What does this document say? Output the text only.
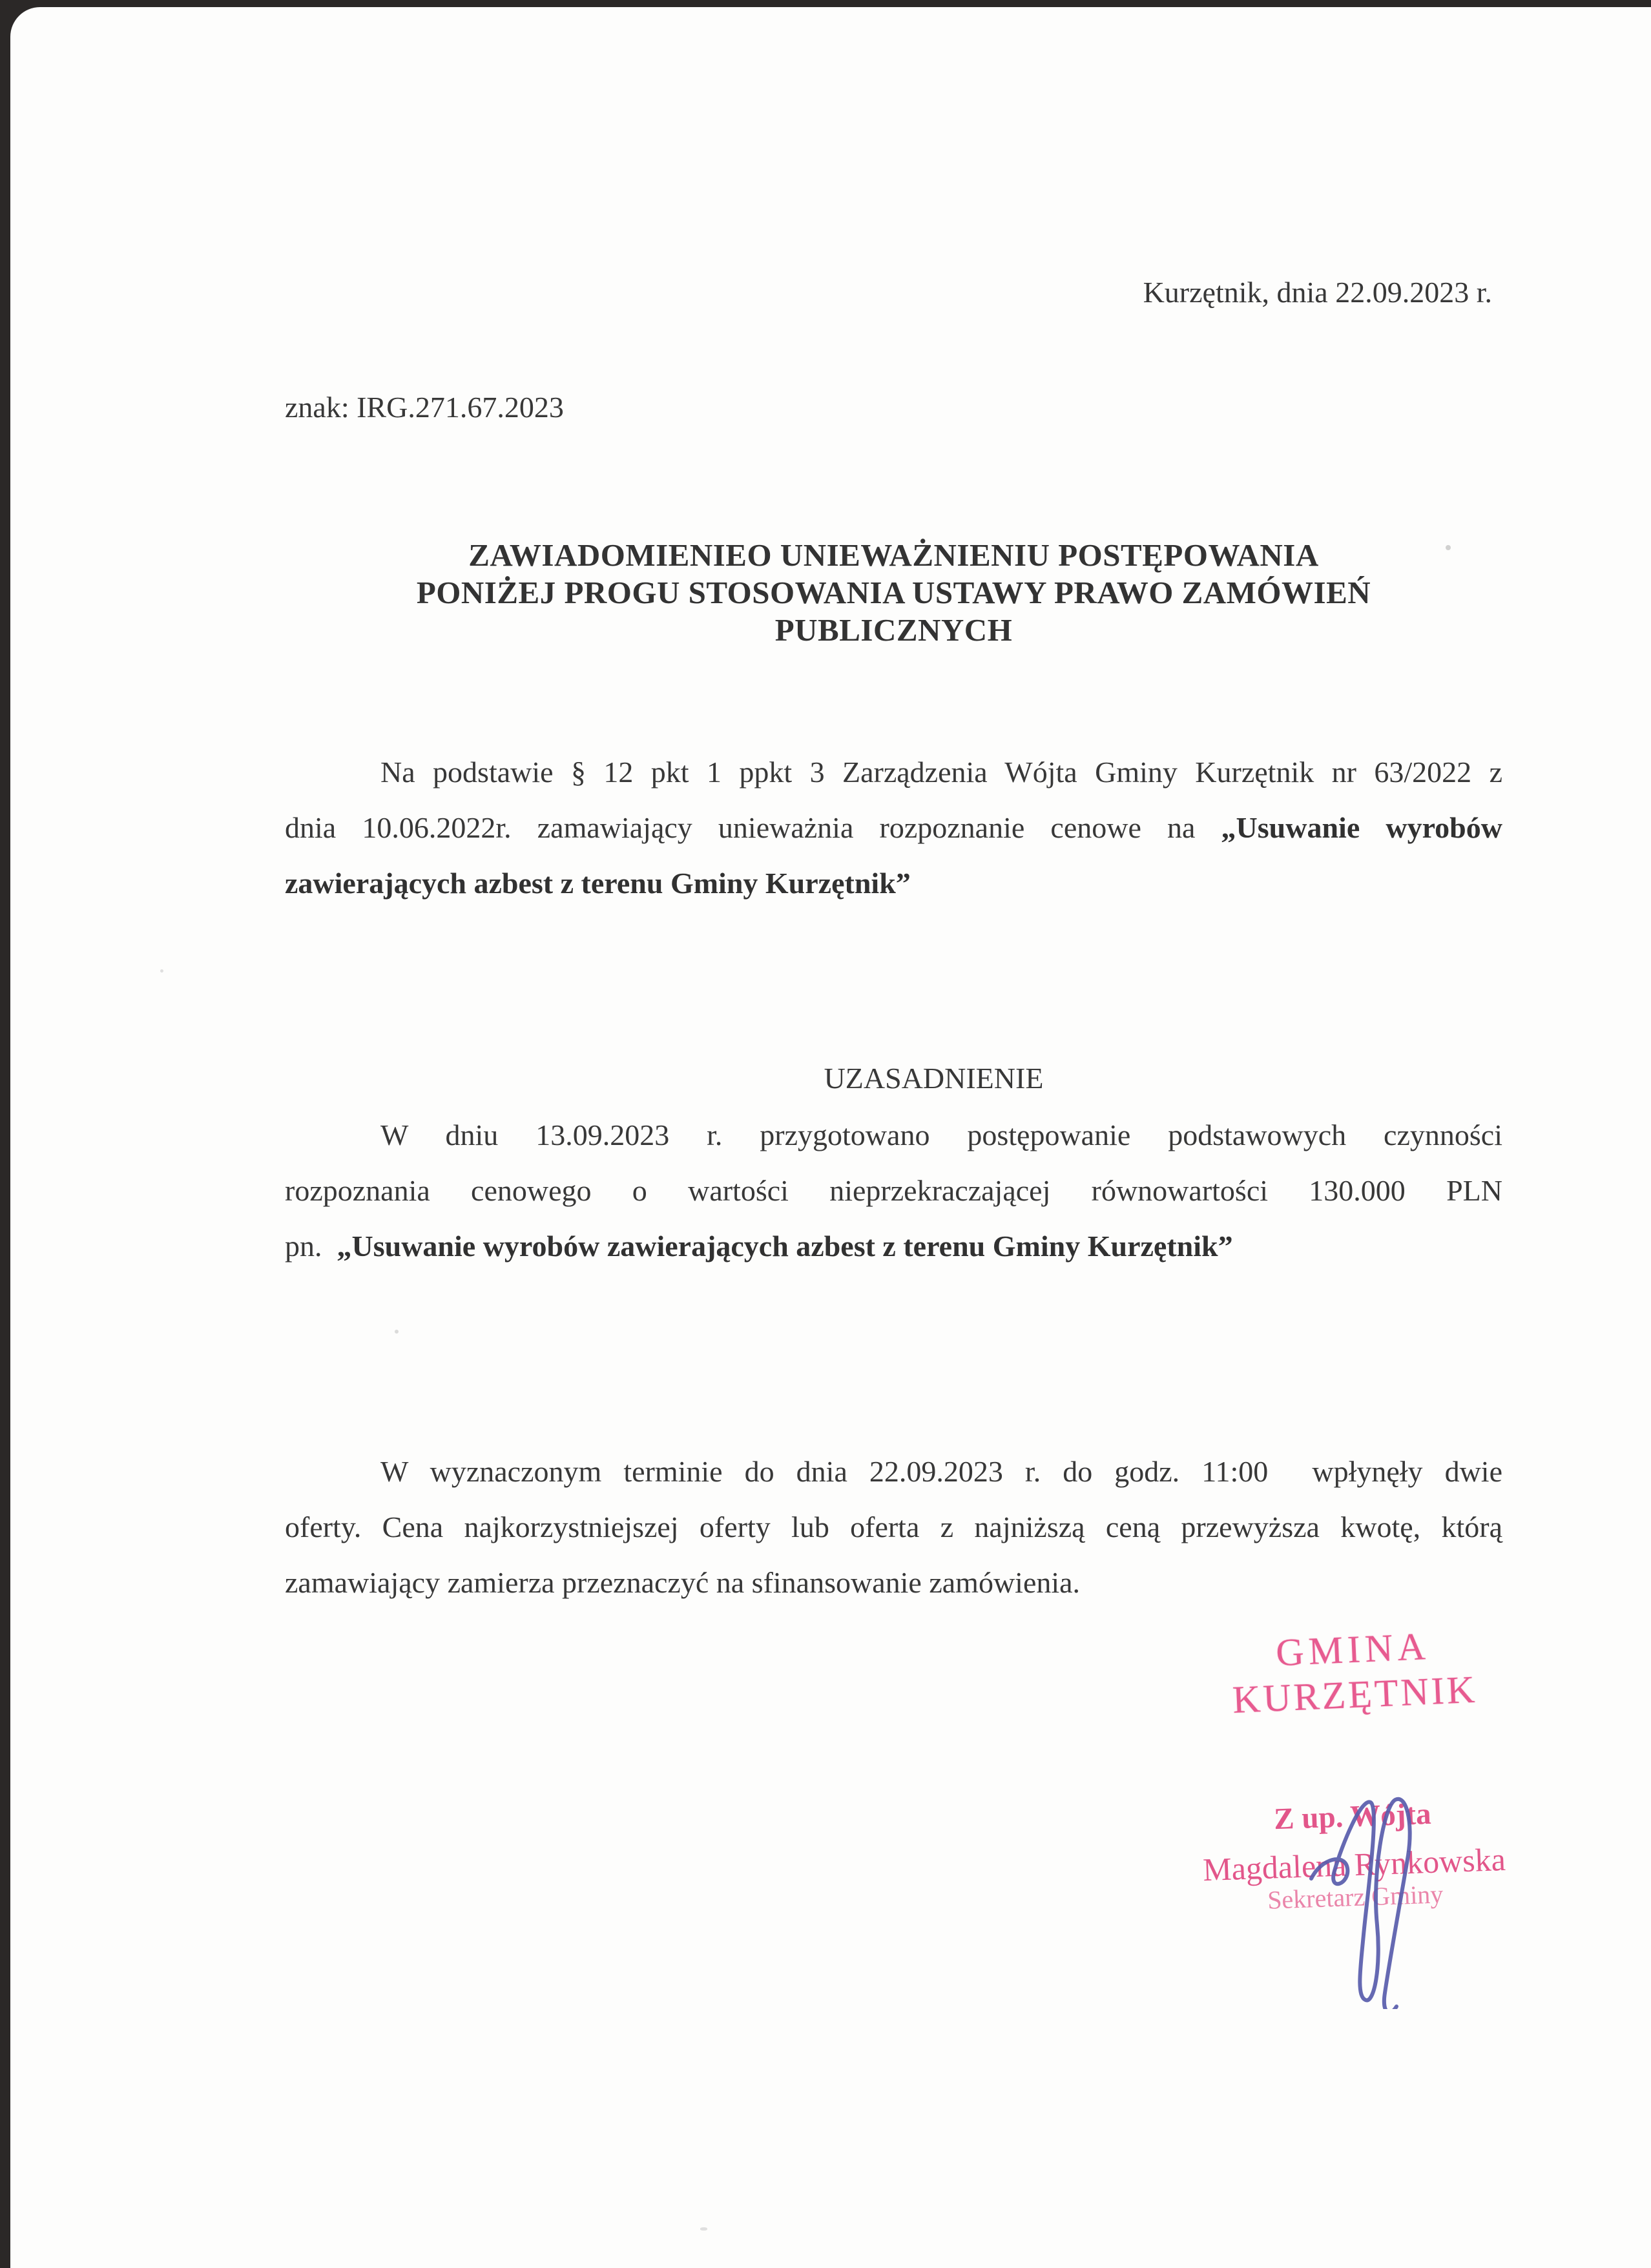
Kurzętnik, dnia 22.09.2023 r.
znak: IRG.271.67.2023
ZAWIADOMIENIEO UNIEWAŻNIENIU POSTĘPOWANIA
PONIŻEJ PROGU STOSOWANIA USTAWY PRAWO ZAMÓWIEŃ
PUBLICZNYCH
Na podstawie § 12 pkt 1 ppkt 3 Zarządzenia Wójta Gminy Kurzętnik nr 63/2022 z
dnia 10.06.2022r. zamawiający unieważnia rozpoznanie cenowe na „Usuwanie wyrobów
zawierających azbest z terenu Gminy Kurzętnik”
UZASADNIENIE
W dniu 13.09.2023 r. przygotowano postępowanie podstawowych czynności
rozpoznania cenowego o wartości nieprzekraczającej równowartości 130.000 PLN
pn.  „Usuwanie wyrobów zawierających azbest z terenu Gminy Kurzętnik”
W wyznaczonym terminie do dnia 22.09.2023 r. do godz. 11:00  wpłynęły dwie
oferty. Cena najkorzystniejszej oferty lub oferta z najniższą ceną przewyższa kwotę, którą
zamawiający zamierza przeznaczyć na sfinansowanie zamówienia.
GMINA
KURZĘTNIK
Z up. Wójta
Magdalena Rynkowska
Sekretarz Gminy
